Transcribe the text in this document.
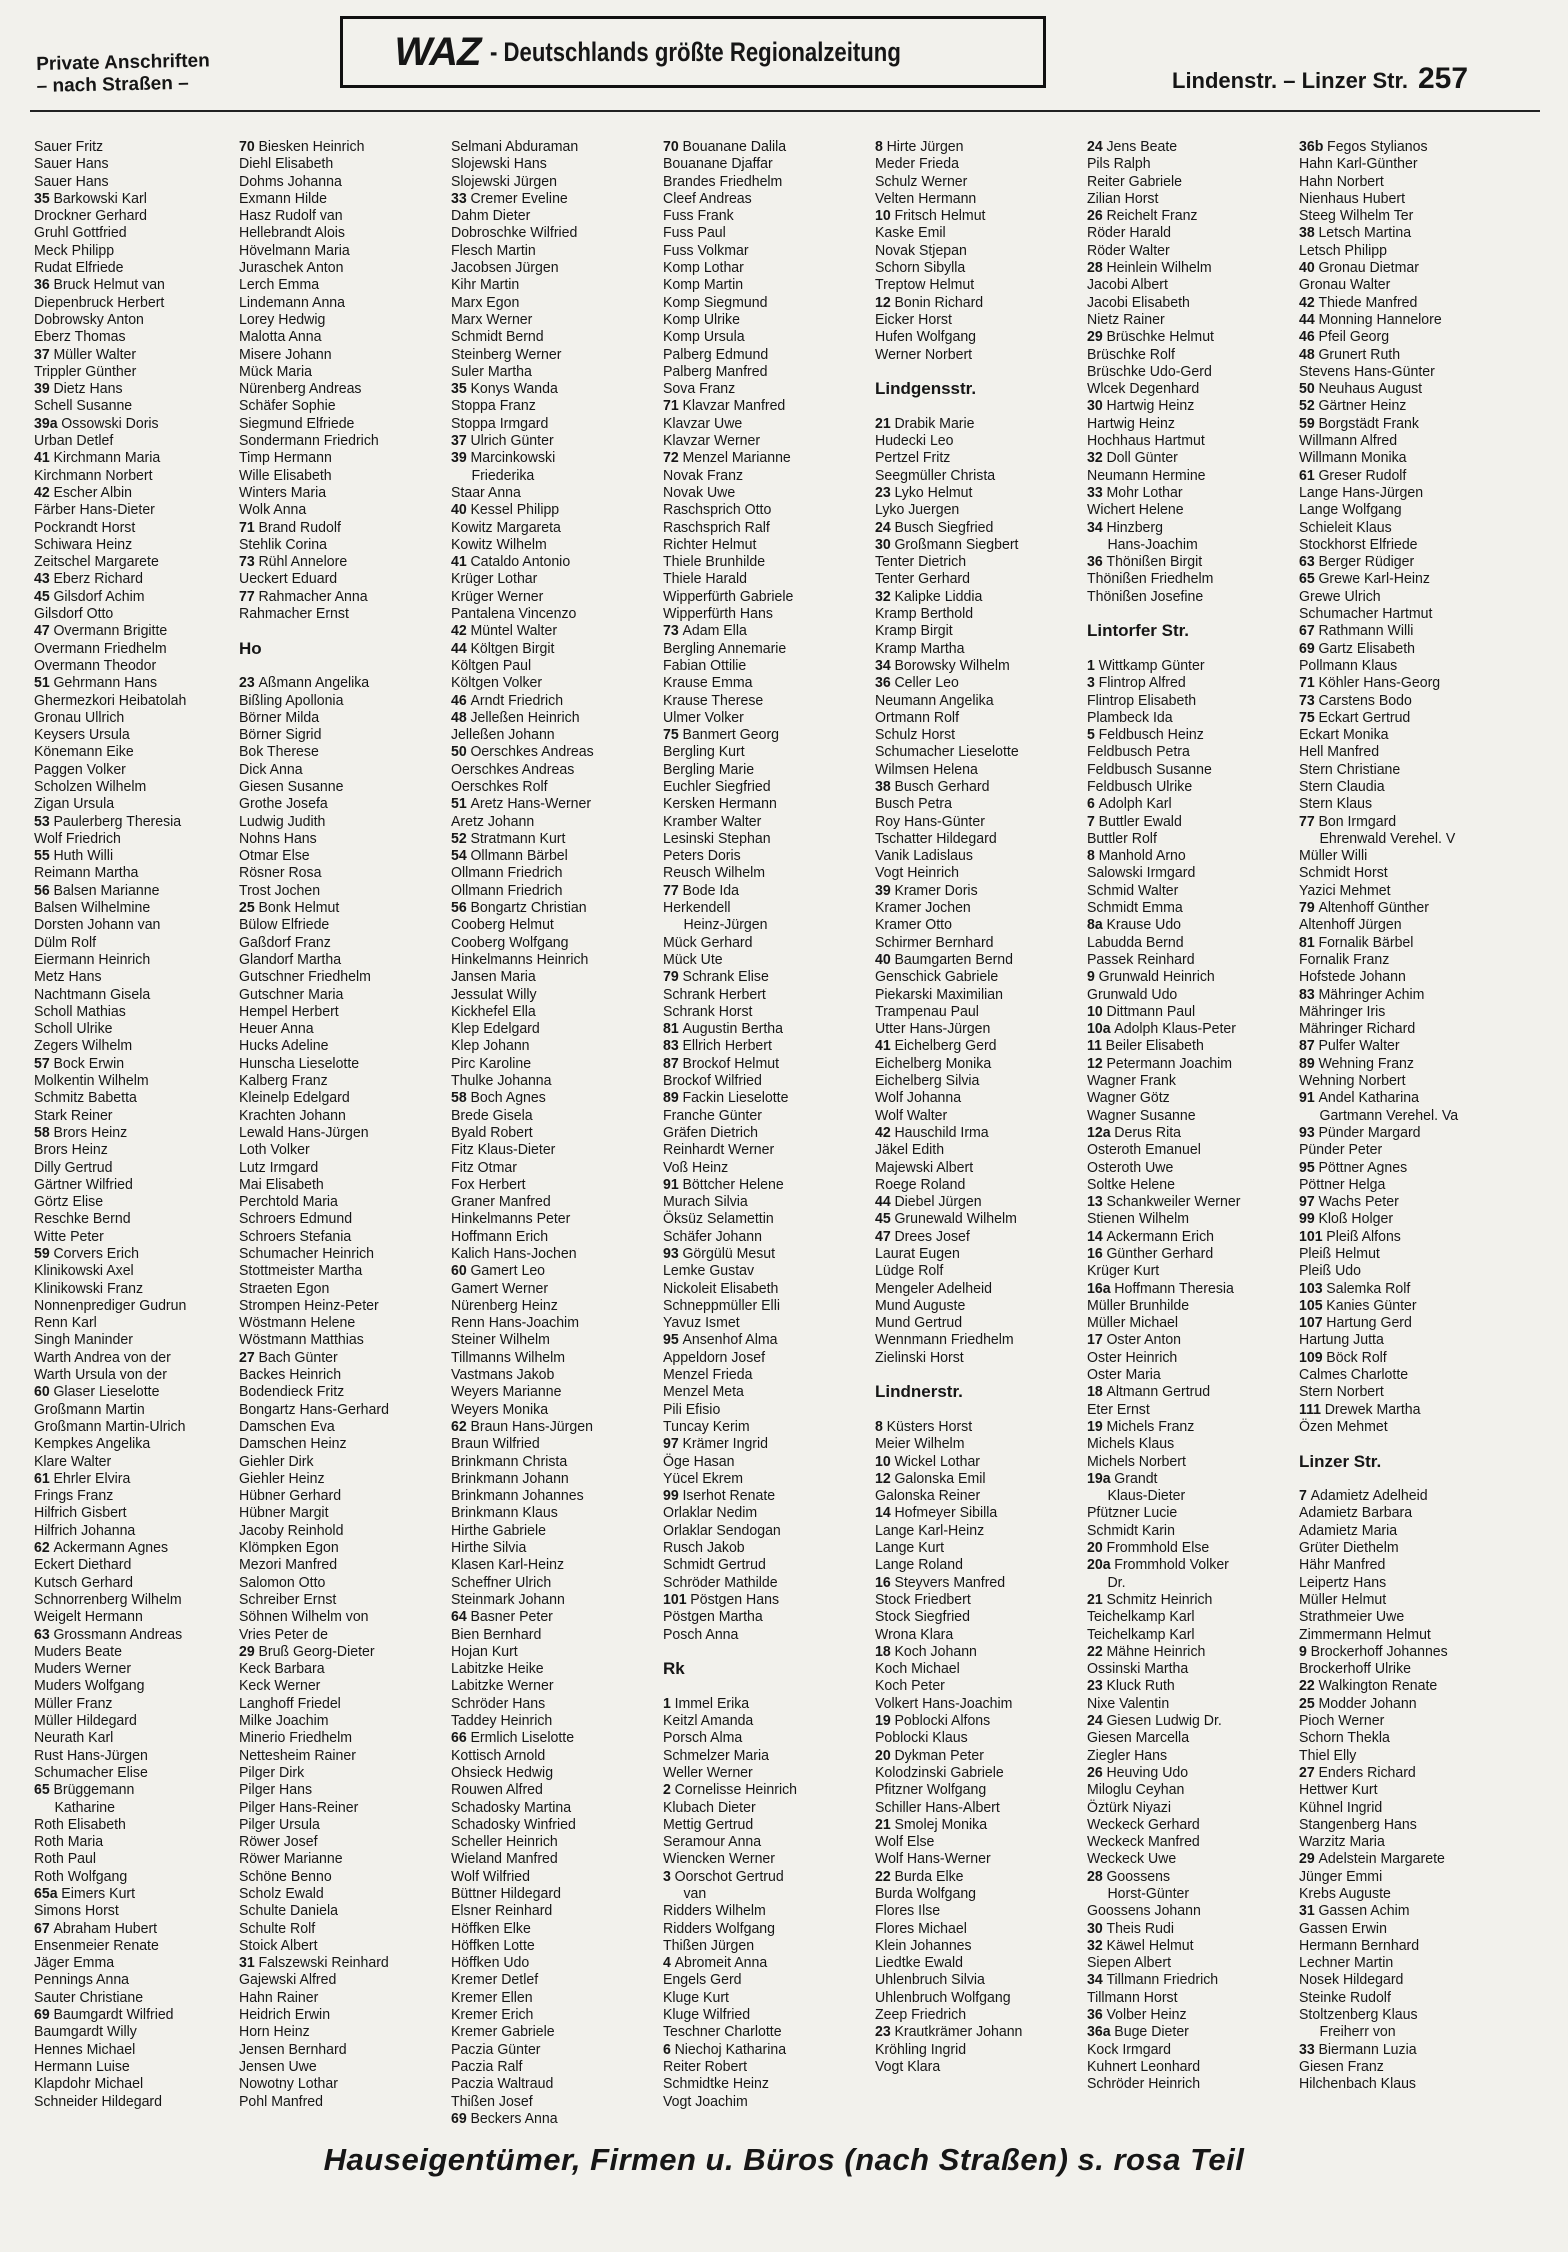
Private Anschriften
– nach Straßen –
WAZ - Deutschlands größte Regionalzeitung
Lindenstr. – Linzer Str. 257
Sauer Fritz
Sauer Hans
Sauer Hans
35 Barkowski Karl
Drockner Gerhard
Gruhl Gottfried
Meck Philipp
Rudat Elfriede
36 Bruck Helmut van
Diepenbruck Herbert
Dobrowsky Anton
Eberz Thomas
37 Müller Walter
Trippler Günther
39 Dietz Hans
Schell Susanne
39a Ossowski Doris
Urban Detlef
41 Kirchmann Maria
Kirchmann Norbert
42 Escher Albin
Färber Hans-Dieter
Pockrandt Horst
Schiwara Heinz
Zeitschel Margarete
43 Eberz Richard
45 Gilsdorf Achim
Gilsdorf Otto
47 Overmann Brigitte
Overmann Friedhelm
Overmann Theodor
51 Gehrmann Hans
Ghermezkori Heibatolah
Gronau Ullrich
Keysers Ursula
Könemann Eike
Paggen Volker
Scholzen Wilhelm
Zigan Ursula
53 Paulerberg Theresia
Wolf Friedrich
55 Huth Willi
Reimann Martha
56 Balsen Marianne
Balsen Wilhelmine
Dorsten Johann van
Dülm Rolf
Eiermann Heinrich
Metz Hans
Nachtmann Gisela
Scholl Mathias
Scholl Ulrike
Zegers Wilhelm
57 Bock Erwin
Molkentin Wilhelm
Schmitz Babetta
Stark Reiner
58 Brors Heinz
Brors Heinz
Dilly Gertrud
Gärtner Wilfried
Görtz Elise
Reschke Bernd
Witte Peter
59 Corvers Erich
Klinikowski Axel
Klinikowski Franz
Nonnenprediger Gudrun
Renn Karl
Singh Maninder
Warth Andrea von der
Warth Ursula von der
60 Glaser Lieselotte
Großmann Martin
Großmann Martin-Ulrich
Kempkes Angelika
Klare Walter
61 Ehrler Elvira
Frings Franz
Hilfrich Gisbert
Hilfrich Johanna
62 Ackermann Agnes
Eckert Diethard
Kutsch Gerhard
Schnorrenberg Wilhelm
Weigelt Hermann
63 Grossmann Andreas
Muders Beate
Muders Werner
Muders Wolfgang
Müller Franz
Müller Hildegard
Neurath Karl
Rust Hans-Jürgen
Schumacher Elise
65 Brüggemann
Katharine
Roth Elisabeth
Roth Maria
Roth Paul
Roth Wolfgang
65a Eimers Kurt
Simons Horst
67 Abraham Hubert
Ensenmeier Renate
Jäger Emma
Pennings Anna
Sauter Christiane
69 Baumgardt Wilfried
Baumgardt Willy
Hennes Michael
Hermann Luise
Klapdohr Michael
Schneider Hildegard
70 Biesken Heinrich
Diehl Elisabeth
Dohms Johanna
Exmann Hilde
Hasz Rudolf van
Hellebrandt Alois
Hövelmann Maria
Juraschek Anton
Lerch Emma
Lindemann Anna
Lorey Hedwig
Malotta Anna
Misere Johann
Mück Maria
Nürenberg Andreas
Schäfer Sophie
Siegmund Elfriede
Sondermann Friedrich
Timp Hermann
Wille Elisabeth
Winters Maria
Wolk Anna
71 Brand Rudolf
Stehlik Corina
73 Rühl Annelore
Ueckert Eduard
77 Rahmacher Anna
Rahmacher Ernst
Ho
23 Aßmann Angelika
Bißling Apollonia
Börner Milda
Börner Sigrid
Bok Therese
Dick Anna
Giesen Susanne
Grothe Josefa
Ludwig Judith
Nohns Hans
Otmar Else
Rösner Rosa
Trost Jochen
25 Bonk Helmut
Bülow Elfriede
Gaßdorf Franz
Glandorf Martha
Gutschner Friedhelm
Gutschner Maria
Hempel Herbert
Heuer Anna
Hucks Adeline
Hunscha Lieselotte
Kalberg Franz
Kleinelp Edelgard
Krachten Johann
Lewald Hans-Jürgen
Loth Volker
Lutz Irmgard
Mai Elisabeth
Perchtold Maria
Schroers Edmund
Schroers Stefania
Schumacher Heinrich
Stottmeister Martha
Straeten Egon
Strompen Heinz-Peter
Wöstmann Helene
Wöstmann Matthias
27 Bach Günter
Backes Heinrich
Bodendieck Fritz
Bongartz Hans-Gerhard
Damschen Eva
Damschen Heinz
Giehler Dirk
Giehler Heinz
Hübner Gerhard
Hübner Margit
Jacoby Reinhold
Klömpken Egon
Mezori Manfred
Salomon Otto
Schreiber Ernst
Söhnen Wilhelm von
Vries Peter de
29 Bruß Georg-Dieter
Keck Barbara
Keck Werner
Langhoff Friedel
Milke Joachim
Minerio Friedhelm
Nettesheim Rainer
Pilger Dirk
Pilger Hans
Pilger Hans-Reiner
Pilger Ursula
Röwer Josef
Röwer Marianne
Schöne Benno
Scholz Ewald
Schulte Daniela
Schulte Rolf
Stoick Albert
31 Falszewski Reinhard
Gajewski Alfred
Hahn Rainer
Heidrich Erwin
Horn Heinz
Jensen Bernhard
Jensen Uwe
Nowotny Lothar
Pohl Manfred
Selmani Abduraman
Slojewski Hans
Slojewski Jürgen
33 Cremer Eveline
Dahm Dieter
Dobroschke Wilfried
Flesch Martin
Jacobsen Jürgen
Kihr Martin
Marx Egon
Marx Werner
Schmidt Bernd
Steinberg Werner
Suler Martha
35 Konys Wanda
Stoppa Franz
Stoppa Irmgard
37 Ulrich Günter
39 Marcinkowski
Friederika
Staar Anna
40 Kessel Philipp
Kowitz Margareta
Kowitz Wilhelm
41 Cataldo Antonio
Krüger Lothar
Krüger Werner
Pantalena Vincenzo
42 Müntel Walter
44 Költgen Birgit
Költgen Paul
Költgen Volker
46 Arndt Friedrich
48 Jelleßen Heinrich
Jelleßen Johann
50 Oerschkes Andreas
Oerschkes Andreas
Oerschkes Rolf
51 Aretz Hans-Werner
Aretz Johann
52 Stratmann Kurt
54 Ollmann Bärbel
Ollmann Friedrich
Ollmann Friedrich
56 Bongartz Christian
Cooberg Helmut
Cooberg Wolfgang
Hinkelmanns Heinrich
Jansen Maria
Jessulat Willy
Kickhefel Ella
Klep Edelgard
Klep Johann
Pirc Karoline
Thulke Johanna
58 Boch Agnes
Brede Gisela
Byald Robert
Fitz Klaus-Dieter
Fitz Otmar
Fox Herbert
Graner Manfred
Hinkelmanns Peter
Hoffmann Erich
Kalich Hans-Jochen
60 Gamert Leo
Gamert Werner
Nürenberg Heinz
Renn Hans-Joachim
Steiner Wilhelm
Tillmanns Wilhelm
Vastmans Jakob
Weyers Marianne
Weyers Monika
62 Braun Hans-Jürgen
Braun Wilfried
Brinkmann Christa
Brinkmann Johann
Brinkmann Johannes
Brinkmann Klaus
Hirthe Gabriele
Hirthe Silvia
Klasen Karl-Heinz
Scheffner Ulrich
Steinmark Johann
64 Basner Peter
Bien Bernhard
Hojan Kurt
Labitzke Heike
Labitzke Werner
Schröder Hans
Taddey Heinrich
66 Ermlich Liselotte
Kottisch Arnold
Ohsieck Hedwig
Rouwen Alfred
Schadosky Martina
Schadosky Winfried
Scheller Heinrich
Wieland Manfred
Wolf Wilfried
Büttner Hildegard
Elsner Reinhard
Höffken Elke
Höffken Lotte
Höffken Udo
Kremer Detlef
Kremer Ellen
Kremer Erich
Kremer Gabriele
Paczia Günter
Paczia Ralf
Paczia Waltraud
Thißen Josef
69 Beckers Anna
70 Bouanane Dalila
Bouanane Djaffar
Brandes Friedhelm
Cleef Andreas
Fuss Frank
Fuss Paul
Fuss Volkmar
Komp Lothar
Komp Martin
Komp Siegmund
Komp Ulrike
Komp Ursula
Palberg Edmund
Palberg Manfred
Sova Franz
71 Klavzar Manfred
Klavzar Uwe
Klavzar Werner
72 Menzel Marianne
Novak Franz
Novak Uwe
Raschsprich Otto
Raschsprich Ralf
Richter Helmut
Thiele Brunhilde
Thiele Harald
Wipperfürth Gabriele
Wipperfürth Hans
73 Adam Ella
Bergling Annemarie
Fabian Ottilie
Krause Emma
Krause Therese
Ulmer Volker
75 Banmert Georg
Bergling Kurt
Bergling Marie
Euchler Siegfried
Kersken Hermann
Kramber Walter
Lesinski Stephan
Peters Doris
Reusch Wilhelm
77 Bode Ida
Herkendell
Heinz-Jürgen
Mück Gerhard
Mück Ute
79 Schrank Elise
Schrank Herbert
Schrank Horst
81 Augustin Bertha
83 Ellrich Herbert
87 Brockof Helmut
Brockof Wilfried
89 Fackin Lieselotte
Franche Günter
Gräfen Dietrich
Reinhardt Werner
Voß Heinz
91 Böttcher Helene
Murach Silvia
Öksüz Selamettin
Schäfer Johann
93 Görgülü Mesut
Lemke Gustav
Nickoleit Elisabeth
Schneppmüller Elli
Yavuz Ismet
95 Ansenhof Alma
Appeldorn Josef
Menzel Frieda
Menzel Meta
Pili Efisio
Tuncay Kerim
97 Krämer Ingrid
Öge Hasan
Yücel Ekrem
99 Iserhot Renate
Orlaklar Nedim
Orlaklar Sendogan
Rusch Jakob
Schmidt Gertrud
Schröder Mathilde
101 Pöstgen Hans
Pöstgen Martha
Posch Anna
Rk
1 Immel Erika
Keitzl Amanda
Porsch Alma
Schmelzer Maria
Weller Werner
2 Cornelisse Heinrich
Klubach Dieter
Mettig Gertrud
Seramour Anna
Wiencken Werner
3 Oorschot Gertrud
van
Ridders Wilhelm
Ridders Wolfgang
Thißen Jürgen
4 Abromeit Anna
Engels Gerd
Kluge Kurt
Kluge Wilfried
Teschner Charlotte
6 Niechoj Katharina
Reiter Robert
Schmidtke Heinz
Vogt Joachim
8 Hirte Jürgen
Meder Frieda
Schulz Werner
Velten Hermann
10 Fritsch Helmut
Kaske Emil
Novak Stjepan
Schorn Sibylla
Treptow Helmut
12 Bonin Richard
Eicker Horst
Hufen Wolfgang
Werner Norbert
Lindgensstr.
21 Drabik Marie
Hudecki Leo
Pertzel Fritz
Seegmüller Christa
23 Lyko Helmut
Lyko Juergen
24 Busch Siegfried
30 Großmann Siegbert
Tenter Dietrich
Tenter Gerhard
32 Kalipke Liddia
Kramp Berthold
Kramp Birgit
Kramp Martha
34 Borowsky Wilhelm
36 Celler Leo
Neumann Angelika
Ortmann Rolf
Schulz Horst
Schumacher Lieselotte
Wilmsen Helena
38 Busch Gerhard
Busch Petra
Roy Hans-Günter
Tschatter Hildegard
Vanik Ladislaus
Vogt Heinrich
39 Kramer Doris
Kramer Jochen
Kramer Otto
Schirmer Bernhard
40 Baumgarten Bernd
Genschick Gabriele
Piekarski Maximilian
Trampenau Paul
Utter Hans-Jürgen
41 Eichelberg Gerd
Eichelberg Monika
Eichelberg Silvia
Wolf Johanna
Wolf Walter
42 Hauschild Irma
Jäkel Edith
Majewski Albert
Roege Roland
44 Diebel Jürgen
45 Grunewald Wilhelm
47 Drees Josef
Laurat Eugen
Lüdge Rolf
Mengeler Adelheid
Mund Auguste
Mund Gertrud
Wennmann Friedhelm
Zielinski Horst
Lindnerstr.
8 Küsters Horst
Meier Wilhelm
10 Wickel Lothar
12 Galonska Emil
Galonska Reiner
14 Hofmeyer Sibilla
Lange Karl-Heinz
Lange Kurt
Lange Roland
16 Steyvers Manfred
Stock Friedbert
Stock Siegfried
Wrona Klara
18 Koch Johann
Koch Michael
Koch Peter
Volkert Hans-Joachim
19 Poblocki Alfons
Poblocki Klaus
20 Dykman Peter
Kolodzinski Gabriele
Pfitzner Wolfgang
Schiller Hans-Albert
21 Smolej Monika
Wolf Else
Wolf Hans-Werner
22 Burda Elke
Burda Wolfgang
Flores Ilse
Flores Michael
Klein Johannes
Liedtke Ewald
Uhlenbruch Silvia
Uhlenbruch Wolfgang
Zeep Friedrich
23 Krautkrämer Johann
Kröhling Ingrid
Vogt Klara
24 Jens Beate
Pils Ralph
Reiter Gabriele
Zilian Horst
26 Reichelt Franz
Röder Harald
Röder Walter
28 Heinlein Wilhelm
Jacobi Albert
Jacobi Elisabeth
Nietz Rainer
29 Brüschke Helmut
Brüschke Rolf
Brüschke Udo-Gerd
Wlcek Degenhard
30 Hartwig Heinz
Hartwig Heinz
Hochhaus Hartmut
32 Doll Günter
Neumann Hermine
33 Mohr Lothar
Wichert Helene
34 Hinzberg
Hans-Joachim
36 Thönißen Birgit
Thönißen Friedhelm
Thönißen Josefine
Lintorfer Str.
1 Wittkamp Günter
3 Flintrop Alfred
Flintrop Elisabeth
Plambeck Ida
5 Feldbusch Heinz
Feldbusch Petra
Feldbusch Susanne
Feldbusch Ulrike
6 Adolph Karl
7 Buttler Ewald
Buttler Rolf
8 Manhold Arno
Salowski Irmgard
Schmid Walter
Schmidt Emma
8a Krause Udo
Labudda Bernd
Passek Reinhard
9 Grunwald Heinrich
Grunwald Udo
10 Dittmann Paul
10a Adolph Klaus-Peter
11 Beiler Elisabeth
12 Petermann Joachim
Wagner Frank
Wagner Götz
Wagner Susanne
12a Derus Rita
Osteroth Emanuel
Osteroth Uwe
Soltke Helene
13 Schankweiler Werner
Stienen Wilhelm
14 Ackermann Erich
16 Günther Gerhard
Krüger Kurt
16a Hoffmann Theresia
Müller Brunhilde
Müller Michael
17 Oster Anton
Oster Heinrich
Oster Maria
18 Altmann Gertrud
Eter Ernst
19 Michels Franz
Michels Klaus
Michels Norbert
19a Grandt
Klaus-Dieter
Pfützner Lucie
Schmidt Karin
20 Frommhold Else
20a Frommhold Volker
Dr.
21 Schmitz Heinrich
Teichelkamp Karl
Teichelkamp Karl
22 Mähne Heinrich
Ossinski Martha
23 Kluck Ruth
Nixe Valentin
24 Giesen Ludwig Dr.
Giesen Marcella
Ziegler Hans
26 Heuving Udo
Miloglu Ceyhan
Öztürk Niyazi
Weckeck Gerhard
Weckeck Manfred
Weckeck Uwe
28 Goossens
Horst-Günter
Goossens Johann
30 Theis Rudi
32 Käwel Helmut
Siepen Albert
34 Tillmann Friedrich
Tillmann Horst
36 Volber Heinz
36a Buge Dieter
Kock Irmgard
Kuhnert Leonhard
Schröder Heinrich
36b Fegos Stylianos
Hahn Karl-Günther
Hahn Norbert
Nienhaus Hubert
Steeg Wilhelm Ter
38 Letsch Martina
Letsch Philipp
40 Gronau Dietmar
Gronau Walter
42 Thiede Manfred
44 Monning Hannelore
46 Pfeil Georg
48 Grunert Ruth
Stevens Hans-Günter
50 Neuhaus August
52 Gärtner Heinz
59 Borgstädt Frank
Willmann Alfred
Willmann Monika
61 Greser Rudolf
Lange Hans-Jürgen
Lange Wolfgang
Schieleit Klaus
Stockhorst Elfriede
63 Berger Rüdiger
65 Grewe Karl-Heinz
Grewe Ulrich
Schumacher Hartmut
67 Rathmann Willi
69 Gartz Elisabeth
Pollmann Klaus
71 Köhler Hans-Georg
73 Carstens Bodo
75 Eckart Gertrud
Eckart Monika
Hell Manfred
Stern Christiane
Stern Claudia
Stern Klaus
77 Bon Irmgard
Ehrenwald Verehel. V
Müller Willi
Schmidt Horst
Yazici Mehmet
79 Altenhoff Günther
Altenhoff Jürgen
81 Fornalik Bärbel
Fornalik Franz
Hofstede Johann
83 Mähringer Achim
Mähringer Iris
Mähringer Richard
87 Pulfer Walter
89 Wehning Franz
Wehning Norbert
91 Andel Katharina
Gartmann Verehel. Va
93 Pünder Margard
Pünder Peter
95 Pöttner Agnes
Pöttner Helga
97 Wachs Peter
99 Kloß Holger
101 Pleiß Alfons
Pleiß Helmut
Pleiß Udo
103 Salemka Rolf
105 Kanies Günter
107 Hartung Gerd
Hartung Jutta
109 Böck Rolf
Calmes Charlotte
Stern Norbert
111 Drewek Martha
Özen Mehmet
Linzer Str.
7 Adamietz Adelheid
Adamietz Barbara
Adamietz Maria
Grüter Diethelm
Hähr Manfred
Leipertz Hans
Müller Helmut
Strathmeier Uwe
Zimmermann Helmut
9 Brockerhoff Johannes
Brockerhoff Ulrike
22 Walkington Renate
25 Modder Johann
Pioch Werner
Schorn Thekla
Thiel Elly
27 Enders Richard
Hettwer Kurt
Kühnel Ingrid
Stangenberg Hans
Warzitz Maria
29 Adelstein Margarete
Jünger Emmi
Krebs Auguste
31 Gassen Achim
Gassen Erwin
Hermann Bernhard
Lechner Martin
Nosek Hildegard
Steinke Rudolf
Stoltzenberg Klaus
Freiherr von
33 Biermann Luzia
Giesen Franz
Hilchenbach Klaus
Hauseigentümer, Firmen u. Büros (nach Straßen) s. rosa Teil
